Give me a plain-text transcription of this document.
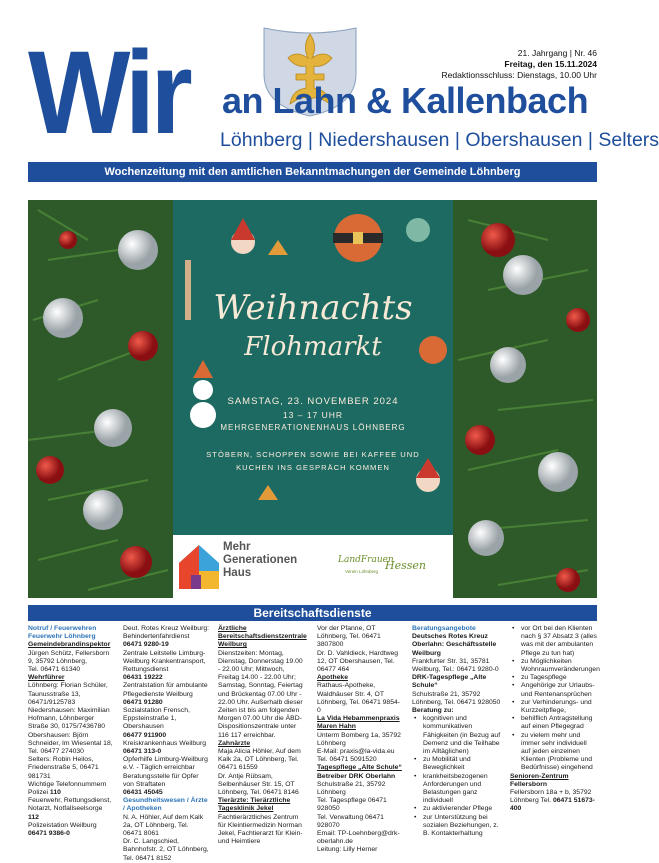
Wir an Lahn & Kallenbach
Löhnberg | Niedershausen | Obershausen | Selters
21. Jahrgang | Nr. 46
Freitag, den 15.11.2024
Redaktionsschluss: Dienstags, 10.00 Uhr
Wochenzeitung mit den amtlichen Bekanntmachungen der Gemeinde Löhnberg
Weihnachts
Flohmarkt
SAMSTAG, 23. NOVEMBER 2024
13 – 17 UHR
MEHRGENERATIONENHAUS LÖHNBERG
STÖBERN, SCHOPPEN SOWIE BEI KAFFEE UND
KUCHEN INS GESPRÄCH KOMMEN
Mehr
Generationen
Haus
LandFrauen
Hessen
Verein Löhnberg
Bereitschaftsdienste

Notruf / Feuerwehren

Feuerwehr Löhnberg

Gemeindebrandinspektor

Jürgen Schütz, Fellersborn 9, 35792 Löhnberg,

Tel. 06471 61340

Wehrführer

Löhnberg: Florian Schüler, Taunusstraße 13, 06471/9125783

Niedershausen: Maximilian Hofmann, Löhnberger Straße 30, 0175/7436780

Obershausen: Björn Schneider, Im Wiesental 18, Tel. 06477 274030

Selters: Robin Heilos, Friedenstraße 5, 06471 981731

Wichtige Telefonnummern

Polizei 110

Feuerwehr, Rettungsdienst, Notarzt, Notfallseelsorge 112

Polizeistation Weilburg

06471 9386-0

Deut. Rotes Kreuz Weilburg: Behindertenfahrdienst

06471 9280-19

Zentrale Leitstelle Limburg-Weilburg Krankentransport, Rettungsdienst

06431 19222

Zentralstation für ambulante Pflegedienste Weilburg

06471 91280

Sozialstation Frensch, Eppsteinstraße 1, Obershausen

06477 911900

Kreiskrankenhaus Weilburg

06471 313-0

Opferhilfe Limburg-Weilburg e.V. - Täglich erreichbar Beratungsstelle für Opfer von Straftaten

06431 45045

Gesundheitswesen / Ärzte / Apotheken

N. A. Höhler, Auf dem Kalk 2a, OT Löhnberg, Tel. 06471 8061

Dr. C. Langschied, Bahnhofstr. 2, OT Löhnberg, Tel. 06471 8152

Ärztliche Bereitschaftsdienstzentrale Weilburg

Dienstzeiten: Montag, Dienstag, Donnerstag 19.00 - 22.00 Uhr; Mittwoch, Freitag 14.00 - 22.00 Uhr; Samstag, Sonntag, Feiertag und Brückentag 07.00 Uhr - 22.00 Uhr. Außerhalb dieser Zeiten ist bis am folgenden Morgen 07.00 Uhr die ÄBD-Dispositionszentrale unter 116 117 erreichbar.

Zahnärzte

Maja Alicia Höhler, Auf dem Kalk 2a, OT Löhnberg, Tel. 06471 61559

Dr. Antje Rübsam, Selbenhäuser Str. 15, OT Löhnberg, Tel. 06471 8146

Tierärzte: Tierärztliche Tagesklinik Jekel

Fachtierärztliches Zentrum für Kleintiermedizin Norman Jekel, Fachtierarzt für Klein- und Heimtiere

Vor der Pfanne, OT Löhnberg, Tel. 06471 3807800

Dr. D. Vahldieck, Hardtweg 12, OT Obershausen, Tel. 06477 464

Apotheke

Rathaus-Apotheke, Waldhäuser Str. 4, OT Löhnberg, Tel. 06471 9854-0

La Vida Hebammenpraxis Maren Hahn

Unterm Bomberg 1a, 35792 Löhnberg

E-Mail: praxis@la-vida.eu

Tel. 06471 5091520

Tagespflege „Alte Schule“

Betreiber DRK Oberlahn

Schulstraße 21, 35792 Löhnberg

Tel. Tagespflege 06471 928050

Tel. Verwaltung 06471 928070

Email: TP-Loehnberg@drk-oberlahn.de

Leitung: Lilly Herner

Beratungsangebote

Deutsches Rotes Kreuz Oberlahn: Geschäftsstelle Weilburg

Frankfurter Str. 31, 35781 Weilburg, Tel.: 06471 9280-0

DRK-Tagespflege „Alte Schule“

Schulstraße 21, 35792 Löhnberg, Tel. 06471 928050

Beratung zu:

• kognitiven und kommunikativen Fähigkeiten (in Bezug auf Demenz und die Teilhabe im Alltäglichen)

• zu Mobilität und Beweglichkeit

• krankheitsbezogenen Anforderungen und Belastungen ganz individuell

• zu aktivierender Pflege

• zur Unterstützung bei sozialen Beziehungen, z. B. Kontakterhaltung

• vor Ort bei den Klienten nach § 37 Absatz 3 (alles was mit der ambulanten Pflege zu tun hat)

• zu Möglichkeiten Wohnraumveränderungen

• zu Tagespflege

• Angehörige zur Urlaubs- und Rentenansprüchen

• zur Verhinderungs- und Kurzzeitpflege,

• behilflich Antragstellung auf einen Pflegegrad

• zu vielem mehr und immer sehr individuell auf jeden einzelnen Klienten (Probleme und Bedürfnisse) eingehend

Senioren-Zentrum

Fellersborn

Fellersborn 18a + b, 35792 Löhnberg Tel. 06471 51673-400
